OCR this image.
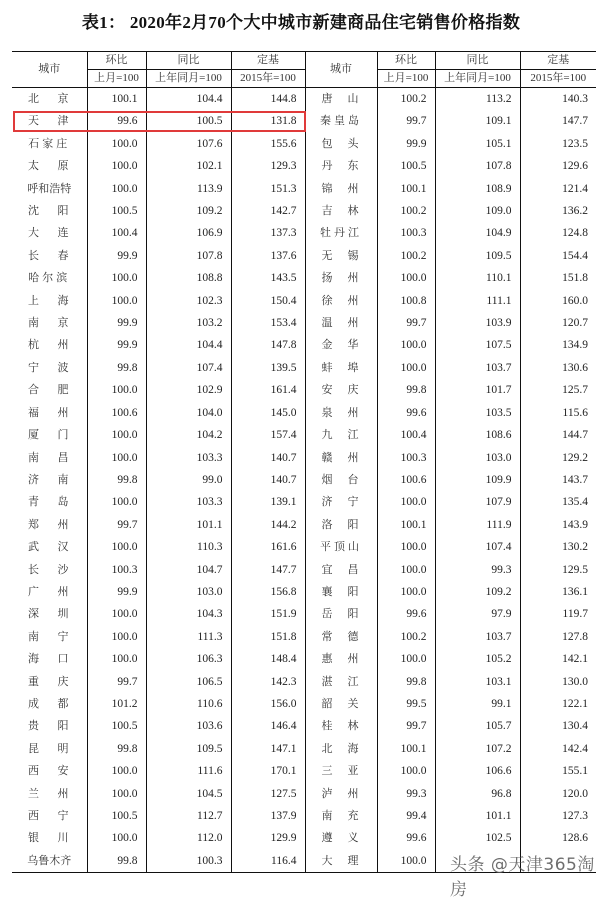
表1： 2020年2月70个大中城市新建商品住宅销售价格指数
城市	环比	同比	定基	城市	环比	同比	定基
	上月=100	上年同月=100	2015年=100		上月=100	上年同月=100	2015年=100

北 京	100.1	104.4	144.8	唐 山	100.2	113.2	140.3

天 津	99.6	100.5	131.8	秦皇岛	99.7	109.1	147.7
石家庄	100.0	107.6	155.6	包 头	99.9	105.1	123.5

太 原	100.0	102.1	129.3	丹 东	100.5	107.8	129.6
呼和浩特	100.0	113.9	151.3	锦 州	100.1	108.9	121.4

沈 阳	100.5	109.2	142.7	吉 林	100.2	109.0	136.2

大 连	100.4	106.9	137.3	牡丹江	100.3	104.9	124.8

长 春	99.9	107.8	137.6	无 锡	100.2	109.5	154.4
哈尔滨	100.0	108.8	143.5	扬 州	100.0	110.1	151.8

上 海	100.0	102.3	150.4	徐 州	100.8	111.1	160.0

南 京	99.9	103.2	153.4	温 州	99.7	103.9	120.7

杭 州	99.9	104.4	147.8	金 华	100.0	107.5	134.9

宁 波	99.8	107.4	139.5	蚌 埠	100.0	103.7	130.6

合 肥	100.0	102.9	161.4	安 庆	99.8	101.7	125.7

福 州	100.6	104.0	145.0	泉 州	99.6	103.5	115.6

厦 门	100.0	104.2	157.4	九 江	100.4	108.6	144.7

南 昌	100.0	103.3	140.7	赣 州	100.3	103.0	129.2

济 南	99.8	99.0	140.7	烟 台	100.6	109.9	143.7

青 岛	100.0	103.3	139.1	济 宁	100.0	107.9	135.4

郑 州	99.7	101.1	144.2	洛 阳	100.1	111.9	143.9

武 汉	100.0	110.3	161.6	平顶山	100.0	107.4	130.2

长 沙	100.3	104.7	147.7	宜 昌	100.0	99.3	129.5

广 州	99.9	103.0	156.8	襄 阳	100.0	109.2	136.1

深 圳	100.0	104.3	151.9	岳 阳	99.6	97.9	119.7

南 宁	100.0	111.3	151.8	常 德	100.2	103.7	127.8

海 口	100.0	106.3	148.4	惠 州	100.0	105.2	142.1

重 庆	99.7	106.5	142.3	湛 江	99.8	103.1	130.0

成 都	101.2	110.6	156.0	韶 关	99.5	99.1	122.1

贵 阳	100.5	103.6	146.4	桂 林	99.7	105.7	130.4

昆 明	99.8	109.5	147.1	北 海	100.1	107.2	142.4

西 安	100.0	111.6	170.1	三 亚	100.0	106.6	155.1

兰 州	100.0	104.5	127.5	泸 州	99.3	96.8	120.0

西 宁	100.5	112.7	137.9	南 充	99.4	101.1	127.3

银 川	100.0	112.0	129.9	遵 义	99.6	102.5	128.6
乌鲁木齐	99.8	100.3	116.4	大 理	100.0		头条 @天津365淘房
